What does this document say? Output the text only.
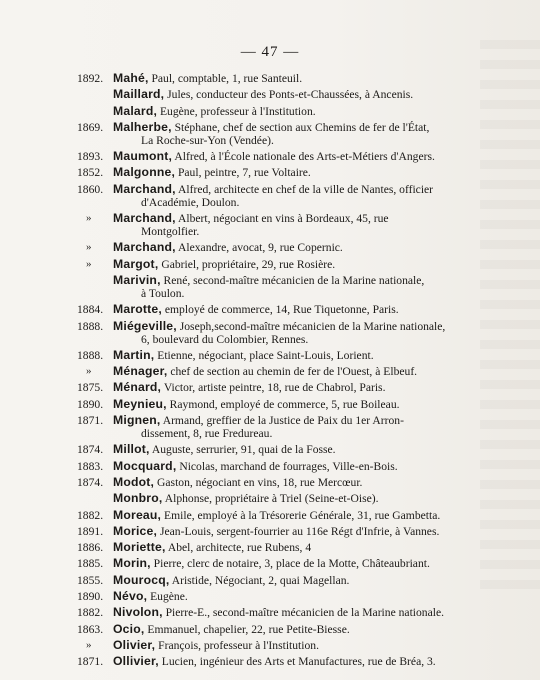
— 47 —
1892. Mahé, Paul, comptable, 1, rue Santeuil.
Maillard, Jules, conducteur des Ponts-et-Chaussées, à Ancenis.
Malard, Eugène, professeur à l'Institution.
1869. Malherbe, Stéphane, chef de section aux Chemins de fer de l'État,
La Roche-sur-Yon (Vendée).
1893. Maumont, Alfred, à l'École nationale des Arts-et-Métiers d'Angers.
1852. Malgonne, Paul, peintre, 7, rue Voltaire.
1860. Marchand, Alfred, architecte en chef de la ville de Nantes, officier
d'Académie, Doulon.
»	Marchand, Albert, négociant en vins à Bordeaux, 45, rue
Montgolfier.
»	Marchand, Alexandre, avocat, 9, rue Copernic.
»	Margot, Gabriel, propriétaire, 29, rue Rosière.
Marivin, René, second-maître mécanicien de la Marine nationale,
à Toulon.
1884. Marotte, employé de commerce, 14, Rue Tiquetonne, Paris.
1888. Miégeville, Joseph,second-maître mécanicien de la Marine nationale,
6, boulevard du Colombier, Rennes.
1888. Martin, Etienne, négociant, place Saint-Louis, Lorient.
»	Ménager, chef de section au chemin de fer de l'Ouest, à Elbeuf.
1875. Ménard, Victor, artiste peintre, 18, rue de Chabrol, Paris.
1890. Meynieu, Raymond, employé de commerce, 5, rue Boileau.
1871. Mignen, Armand, greffier de la Justice de Paix du 1er Arron-
dissement, 8, rue Fredureau.
1874. Millot, Auguste, serrurier, 91, quai de la Fosse.
1883. Mocquard, Nicolas, marchand de fourrages, Ville-en-Bois.
1874. Modot, Gaston, négociant en vins, 18, rue Mercœur.
Monbro, Alphonse, propriétaire à Triel (Seine-et-Oise).
1882. Moreau, Emile, employé à la Trésorerie Générale, 31, rue Gambetta.
1891. Morice, Jean-Louis, sergent-fourrier au 116e Régt d'Infrie, à Vannes.
1886. Moriette, Abel, architecte, rue Rubens, 4
1885. Morin, Pierre, clerc de notaire, 3, place de la Motte, Châteaubriant.
1855. Mourocq, Aristide, Négociant, 2, quai Magellan.
1890. Névo, Eugène.
1882. Nivolon, Pierre-E., second-maître mécanicien de la Marine nationale.
1863. Ocio, Emmanuel, chapelier, 22, rue Petite-Biesse.
»	Olivier, François, professeur à l'Institution.
1871. Ollivier, Lucien, ingénieur des Arts et Manufactures, rue de Bréa, 3.
